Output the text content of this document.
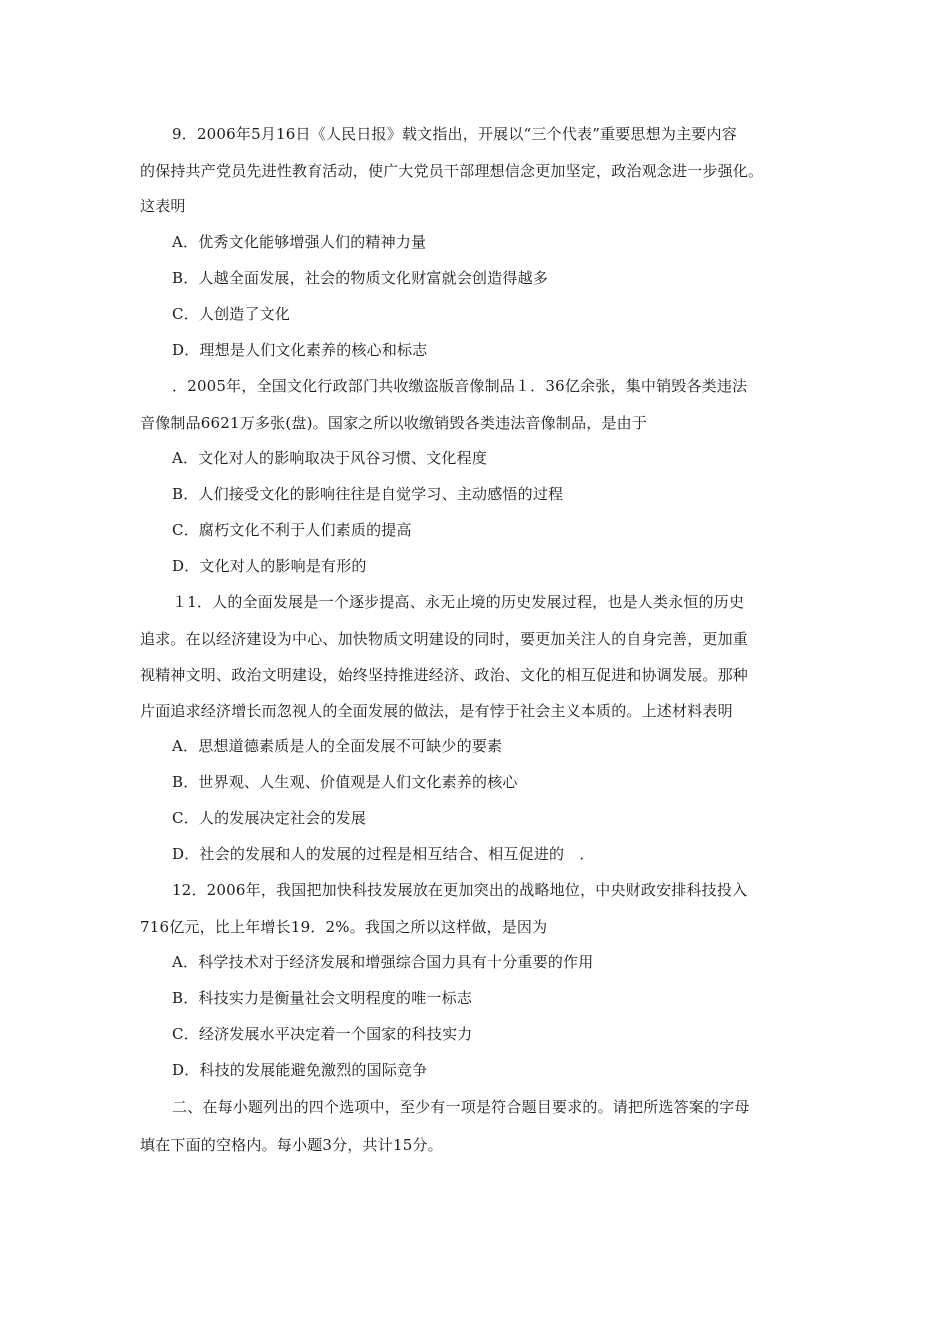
9．2006年5月16日《人民日报》载文指出，开展以“三个代表”重要思想为主要内容
的保持共产党员先进性教育活动，使广大党员干部理想信念更加坚定，政治观念进一步强化。
这表明
A．优秀文化能够增强人们的精神力量
B．人越全面发展，社会的物质文化财富就会创造得越多
C．人创造了文化
D．理想是人们文化素养的核心和标志
．2005年，全国文化行政部门共收缴盗版音像制品１．36亿余张，集中销毁各类违法
音像制品6621万多张(盘)。国家之所以收缴销毁各类违法音像制品，是由于
A．文化对人的影响取决于风谷习惯、文化程度
B．人们接受文化的影响往往是自觉学习、主动感悟的过程
C．腐朽文化不利于人们素质的提高
D．文化对人的影响是有形的
１1．人的全面发展是一个逐步提高、永无止境的历史发展过程，也是人类永恒的历史
追求。在以经济建设为中心、加快物质文明建设的同时，要更加关注人的自身完善，更加重
视精神文明、政治文明建设，始终坚持推进经济、政治、文化的相互促进和协调发展。那种
片面追求经济增长而忽视人的全面发展的做法，是有悖于社会主义本质的。上述材料表明
A．思想道德素质是人的全面发展不可缺少的要素
B．世界观、人生观、价值观是人们文化素养的核心
C．人的发展决定社会的发展
D．社会的发展和人的发展的过程是相互结合、相互促进的　．
12．2006年，我国把加快科技发展放在更加突出的战略地位，中央财政安排科技投入
716亿元，比上年增长19．2%。我国之所以这样做，是因为
A．科学技术对于经济发展和增强综合国力具有十分重要的作用
B．科技实力是衡量社会文明程度的唯一标志
C．经济发展水平决定着一个国家的科技实力
D．科技的发展能避免激烈的国际竞争
二、在每小题列出的四个选项中，至少有一项是符合题目要求的。请把所选答案的字母
填在下面的空格内。每小题3分，共计15分。
